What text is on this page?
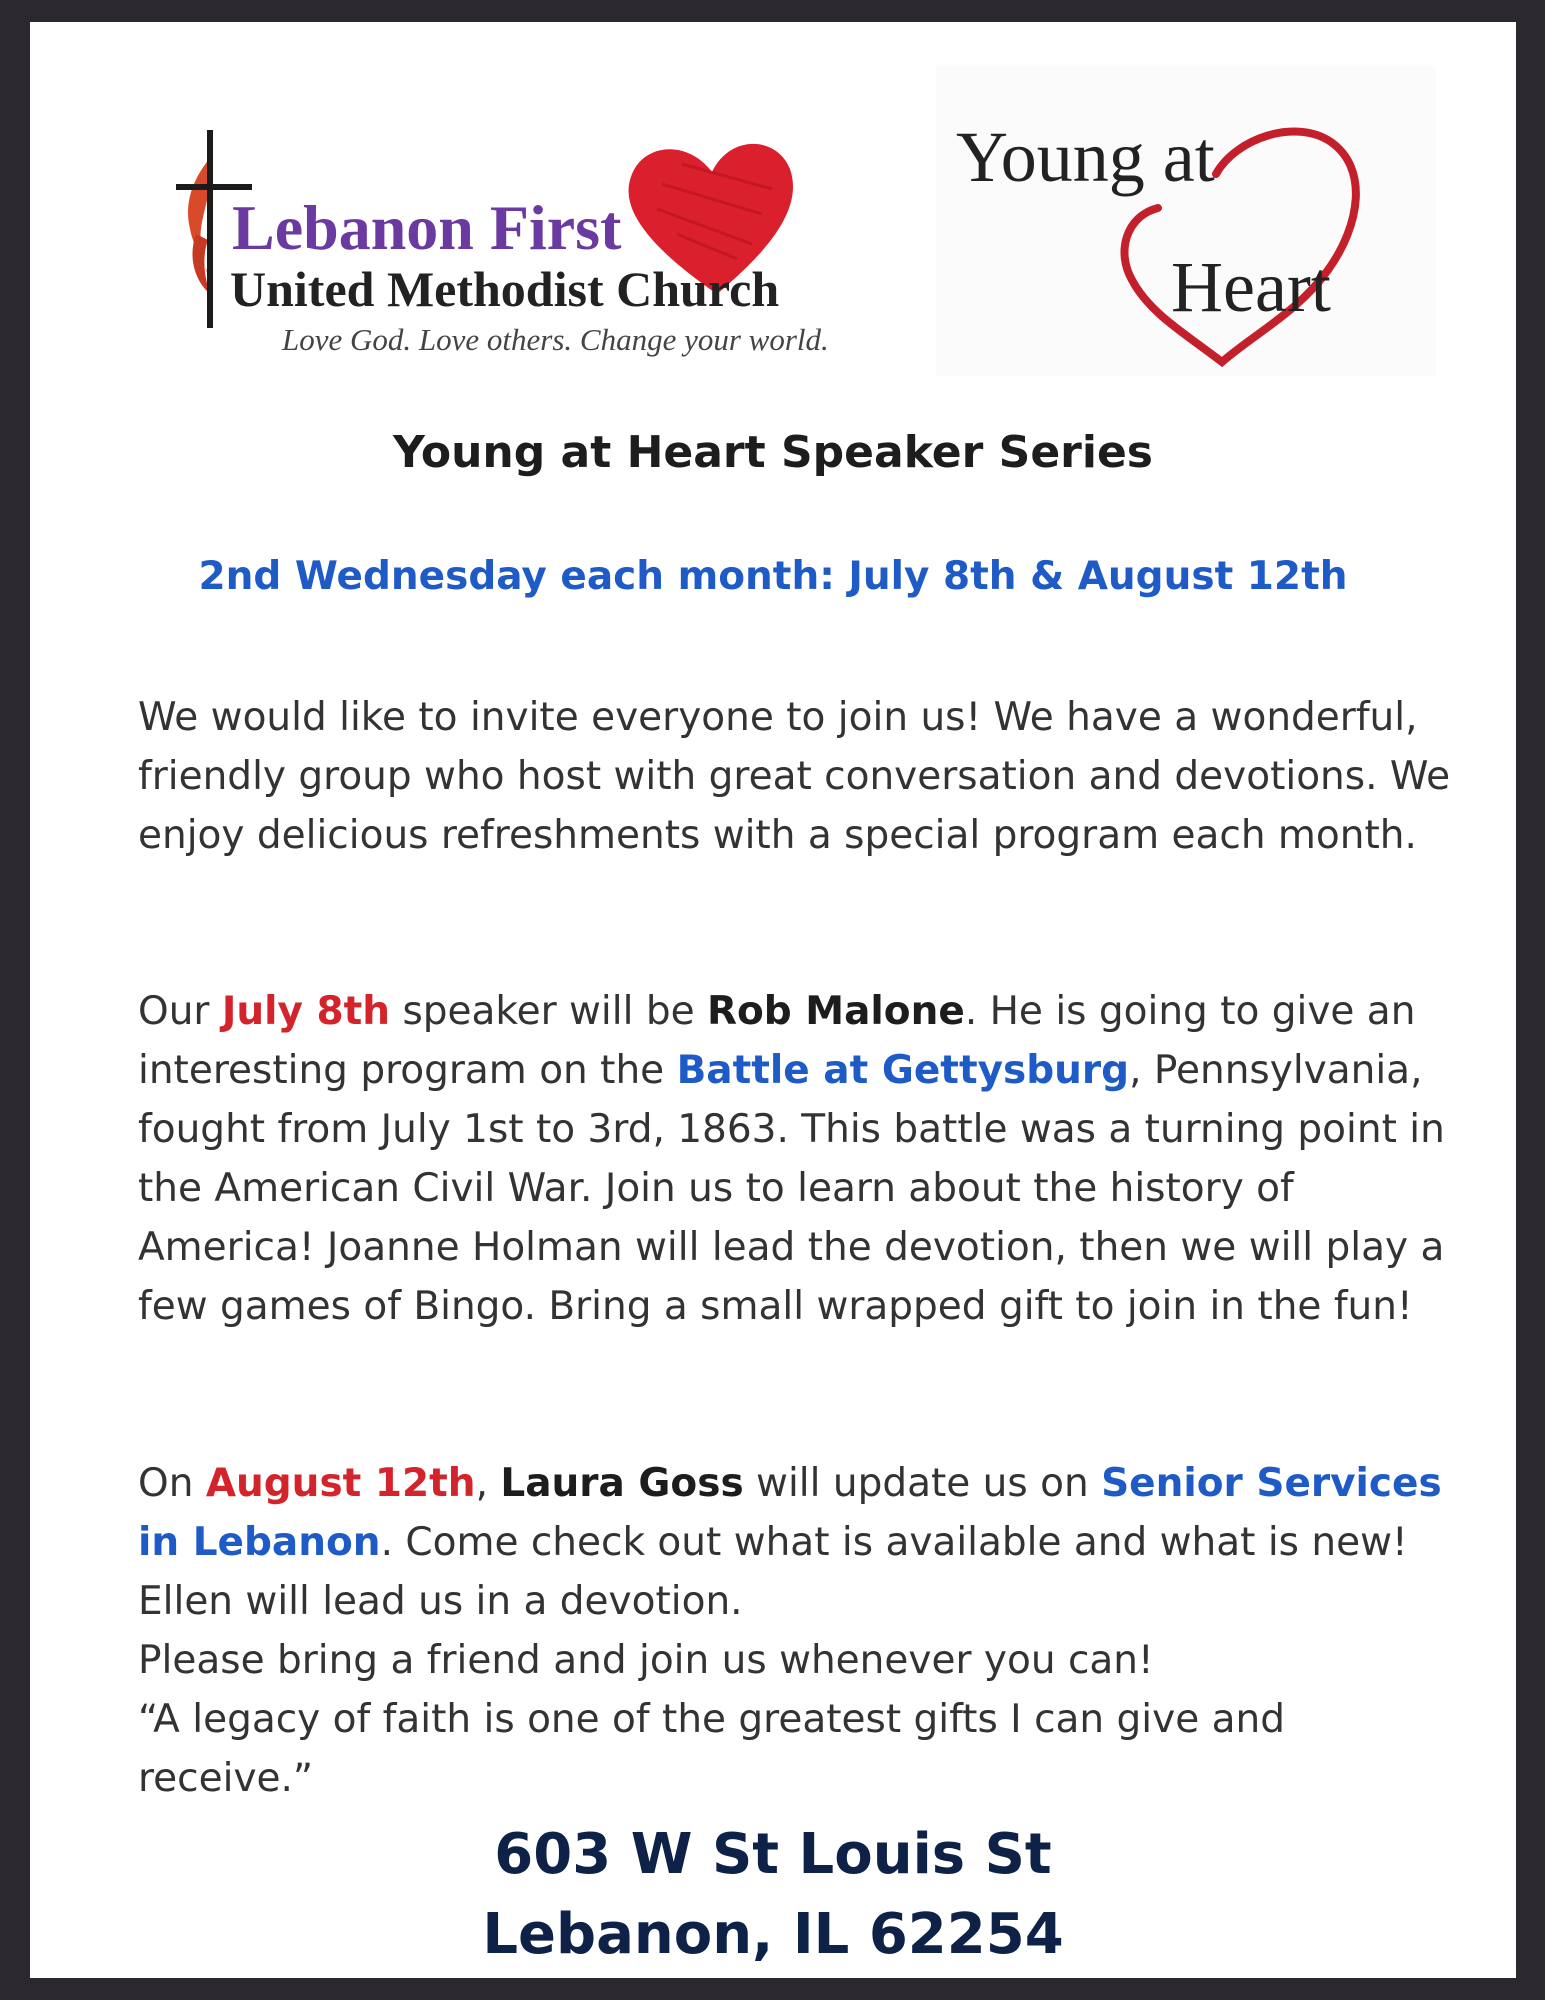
Lebanon First
United Methodist Church
Love God. Love others. Change your world.
Young at
Heart
Young at Heart Speaker Series
2nd Wednesday each month: July 8th & August 12th

We would like to invite everyone to join us! We have a wonderful, friendly group who host with great conversation and devotions. We enjoy delicious refreshments with a special program each month.

Our July 8th speaker will be Rob Malone. He is going to give an interesting program on the Battle at Gettysburg, Pennsylvania, fought from July 1st to 3rd, 1863. This battle was a turning point in the American Civil War. Join us to learn about the history of America! Joanne Holman will lead the devotion, then we will play a few games of Bingo. Bring a small wrapped gift to join in the fun!

On August 12th, Laura Goss will update us on Senior Services in Lebanon. Come check out what is available and what is new! Ellen will lead us in a devotion.
Please bring a friend and join us whenever you can!
“A legacy of faith is one of the greatest gifts I can give and receive.”

603 W St Louis St
Lebanon, IL 62254
